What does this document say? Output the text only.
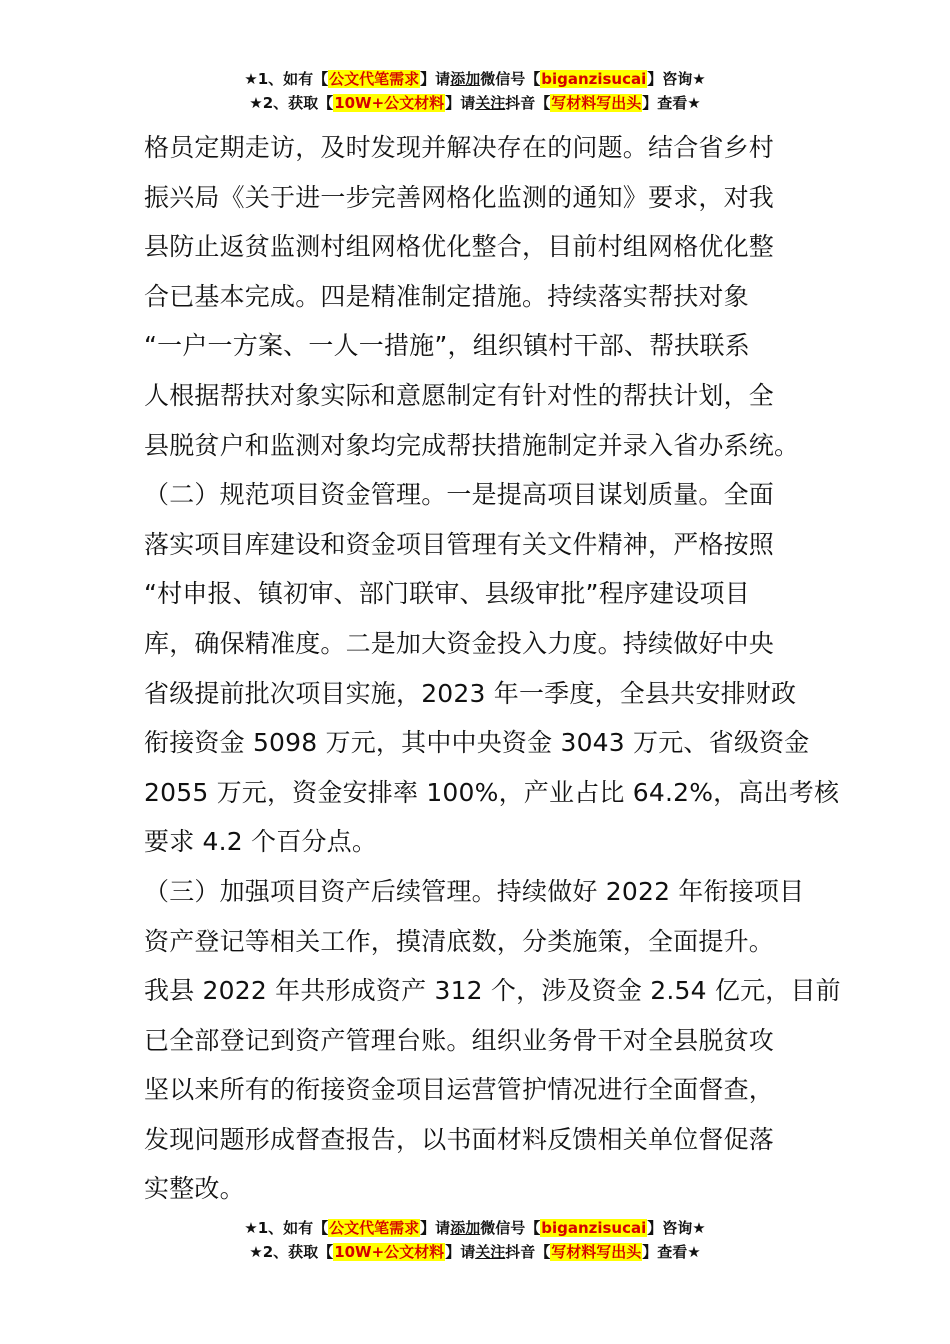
★1、如有【公文代笔需求】请添加微信号【biganzisucai】咨询★
★2、获取【10W+公文材料】请关注抖音【写材料写出头】查看★
格员定期走访，及时发现并解决存在的问题。结合省乡村
振兴局《关于进一步完善网格化监测的通知》要求，对我
县防止返贫监测村组网格优化整合，目前村组网格优化整
合已基本完成。四是精准制定措施。持续落实帮扶对象
“一户一方案、一人一措施”，组织镇村干部、帮扶联系
人根据帮扶对象实际和意愿制定有针对性的帮扶计划，全
县脱贫户和监测对象均完成帮扶措施制定并录入省办系统。
（二）规范项目资金管理。一是提高项目谋划质量。全面
落实项目库建设和资金项目管理有关文件精神，严格按照
“村申报、镇初审、部门联审、县级审批”程序建设项目
库，确保精准度。二是加大资金投入力度。持续做好中央
省级提前批次项目实施，2023 年一季度，全县共安排财政
衔接资金 5098 万元，其中中央资金 3043 万元、省级资金
2055 万元，资金安排率 100%，产业占比 64.2%，高出考核
要求 4.2 个百分点。
（三）加强项目资产后续管理。持续做好 2022 年衔接项目
资产登记等相关工作，摸清底数，分类施策，全面提升。
我县 2022 年共形成资产 312 个，涉及资金 2.54 亿元，目前
已全部登记到资产管理台账。组织业务骨干对全县脱贫攻
坚以来所有的衔接资金项目运营管护情况进行全面督查，
发现问题形成督查报告，以书面材料反馈相关单位督促落
实整改。
★1、如有【公文代笔需求】请添加微信号【biganzisucai】咨询★
★2、获取【10W+公文材料】请关注抖音【写材料写出头】查看★
